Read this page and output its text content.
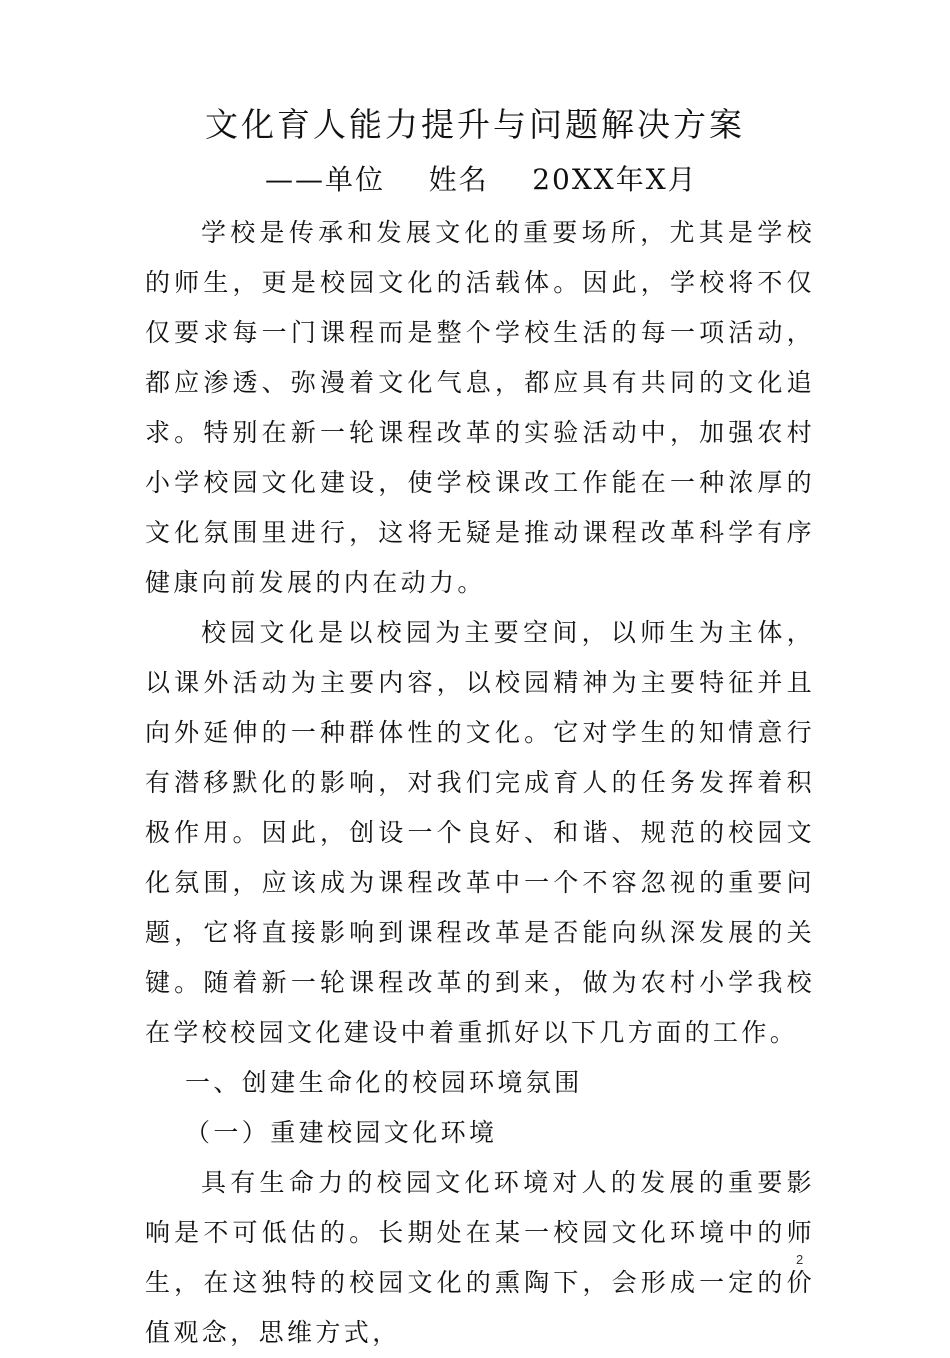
文化育人能力提升与问题解决方案
——单位    姓名    20XX年X月

学校是传承和发展文化的重要场所，尤其是学校的师生，更是校园文化的活载体。因此，学校将不仅仅要求每一门课程而是整个学校生活的每一项活动，都应渗透、弥漫着文化气息，都应具有共同的文化追求。特别在新一轮课程改革的实验活动中，加强农村小学校园文化建设，使学校课改工作能在一种浓厚的文化氛围里进行，这将无疑是推动课程改革科学有序健康向前发展的内在动力。

校园文化是以校园为主要空间，以师生为主体，以课外活动为主要内容，以校园精神为主要特征并且向外延伸的一种群体性的文化。它对学生的知情意行有潜移默化的影响，对我们完成育人的任务发挥着积极作用。因此，创设一个良好、和谐、规范的校园文化氛围，应该成为课程改革中一个不容忽视的重要问题，它将直接影响到课程改革是否能向纵深发展的关键。随着新一轮课程改革的到来，做为农村小学我校在学校校园文化建设中着重抓好以下几方面的工作。

一、创建生命化的校园环境氛围

（一）重建校园文化环境

具有生命力的校园文化环境对人的发展的重要影响是不可低估的。长期处在某一校园文化环境中的师生，在这独特的校园文化的熏陶下，会形成一定的价值观念，思维方式，

2
